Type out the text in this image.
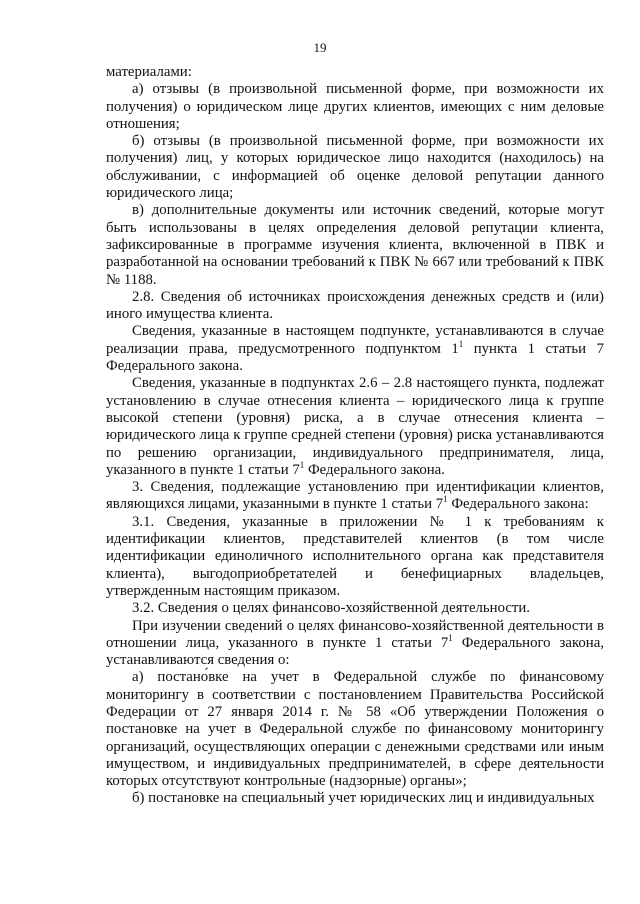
19

материалами:

а) отзывы (в произвольной письменной форме, при возможности их получения) о юридическом лице других клиентов, имеющих с ним деловые отношения;

б) отзывы (в произвольной письменной форме, при возможности их получения) лиц, у которых юридическое лицо находится (находилось) на обслуживании, с информацией об оценке деловой репутации данного юридического лица;

в) дополнительные документы или источник сведений, которые могут быть использованы в целях определения деловой репутации клиента, зафиксированные в программе изучения клиента, включенной в ПВК и разработанной на основании требований к ПВК № 667 или требований к ПВК № 1188.

2.8. Сведения об источниках происхождения денежных средств и (или) иного имущества клиента.

Сведения, указанные в настоящем подпункте, устанавливаются в случае реализации права, предусмотренного подпунктом $1^1$ пункта 1 статьи 7 Федерального закона.

Сведения, указанные в подпунктах 2.6 – 2.8 настоящего пункта, подлежат установлению в случае отнесения клиента – юридического лица к группе высокой степени (уровня) риска, а в случае отнесения клиента – юридического лица к группе средней степени (уровня) риска устанавливаются по решению организации, индивидуального предпринимателя, лица, указанного в пункте 1 статьи $7^1$ Федерального закона.

3. Сведения, подлежащие установлению при идентификации клиентов, являющихся лицами, указанными в пункте 1 статьи $7^1$ Федерального закона:

3.1. Сведения, указанные в приложении № 1 к требованиям к идентификации клиентов, представителей клиентов (в том числе идентификации единоличного исполнительного органа как представителя клиента), выгодоприобретателей и бенефициарных владельцев, утвержденным настоящим приказом.

3.2. Сведения о целях финансово-хозяйственной деятельности.

При изучении сведений о целях финансово-хозяйственной деятельности в отношении лица, указанного в пункте 1 статьи $7^1$ Федерального закона, устанавливаются сведения о:

а) постано́вке на учет в Федеральной службе по финансовому мониторингу в соответствии с постановлением Правительства Российской Федерации от 27 января 2014 г. № 58 «Об утверждении Положения о постановке на учет в Федеральной службе по финансовому мониторингу организаций, осуществляющих операции с денежными средствами или иным имуществом, и индивидуальных предпринимателей, в сфере деятельности которых отсутствуют контрольные (надзорные) органы»;

б) постановке на специальный учет юридических лиц и индивидуальных
